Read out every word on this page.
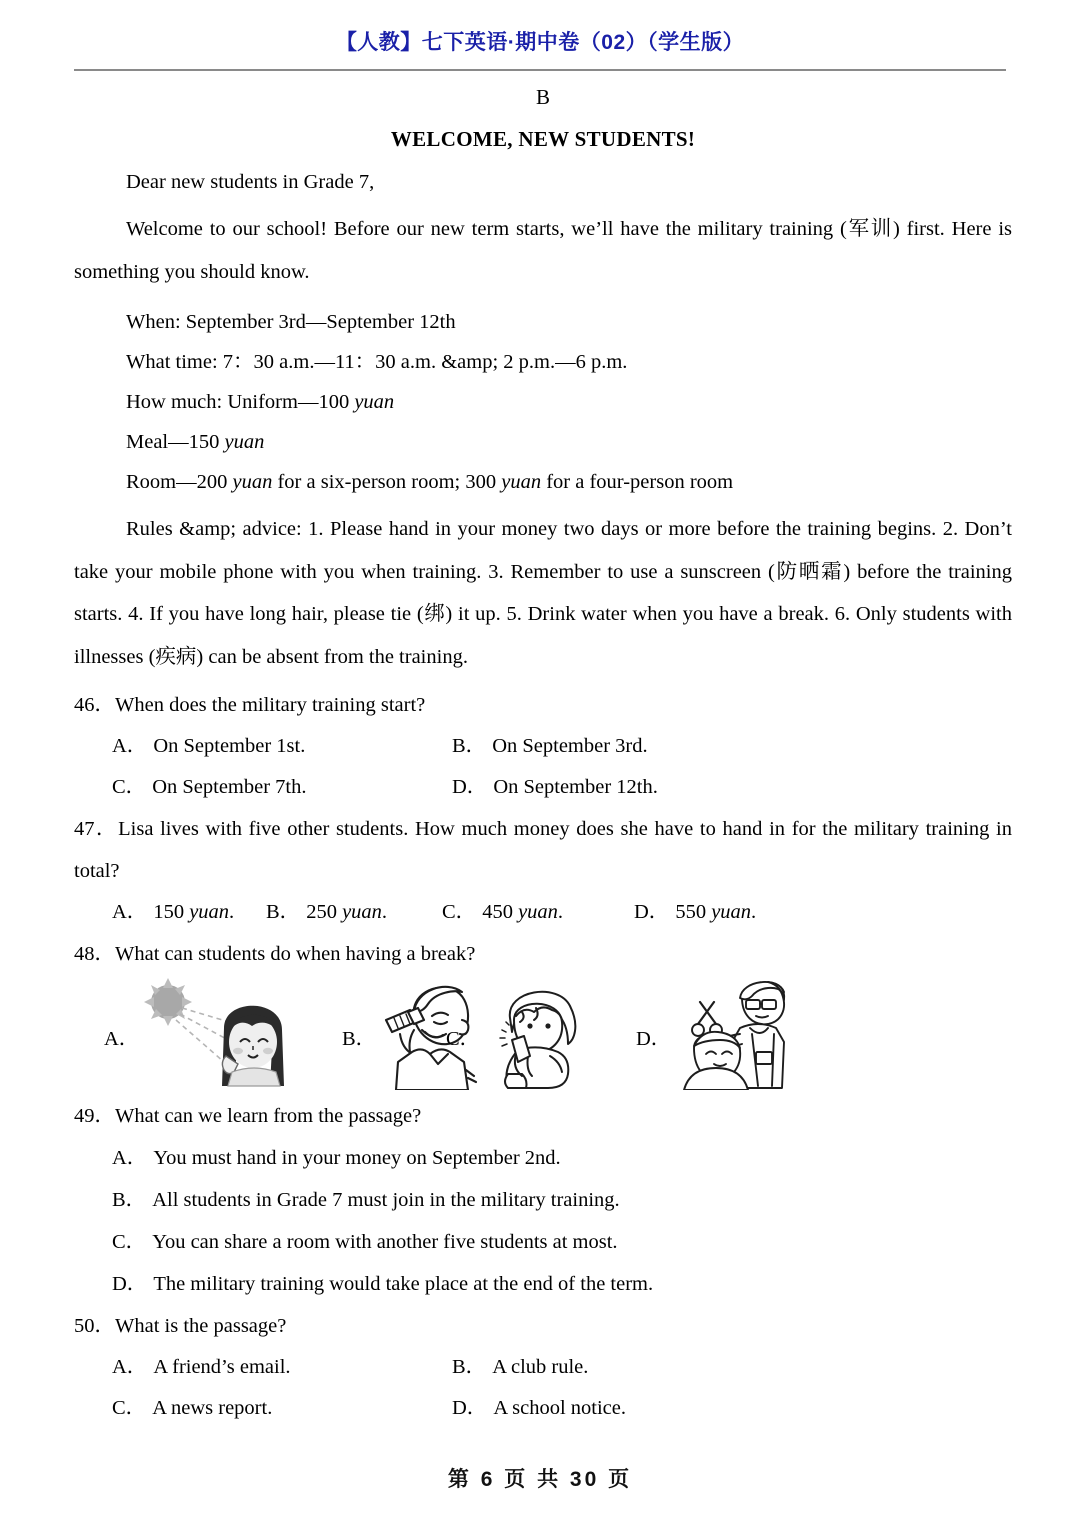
【人教】七下英语·期中卷（02）（学生版）
B
WELCOME, NEW STUDENTS!

Dear new students in Grade 7,

Welcome to our school! Before our new term starts, we’ll have the military training (军训) first. Here is something you should know.

When: September 3rd—September 12th

What time: 7：30 a.m.—11：30 a.m. &amp; 2 p.m.—6 p.m.

How much: Uniform—100 yuan

Meal—150 yuan

Room—200 yuan for a six-person room; 300 yuan for a four-person room

Rules &amp; advice: 1. Please hand in your money two days or more before the training begins. 2. Don’t take your mobile phone with you when training. 3. Remember to use a sunscreen (防晒霜) before the training starts. 4. If you have long hair, please tie (绑) it up. 5. Drink water when you have a break. 6. Only students with illnesses (疾病) can be absent from the training.

46．When does the military training start?

A． On September 1st.	B． On September 3rd.
C． On September 7th.	D． On September 12th.

47．Lisa lives with five other students. How much money does she have to hand in for the military training in total?

A． 150 yuan.	B． 250 yuan.	C． 450 yuan.	D． 550 yuan.

48．What can students do when having a break?

A．	B．	C．	D．

49．What can we learn from the passage?

A． You must hand in your money on September 2nd.
B． All students in Grade 7 must join in the military training.
C． You can share a room with another five students at most.
D． The military training would take place at the end of the term.

50．What is the passage?

A． A friend’s email.	B． A club rule.
C． A news report.	D． A school notice.
第 6 页 共 30 页
